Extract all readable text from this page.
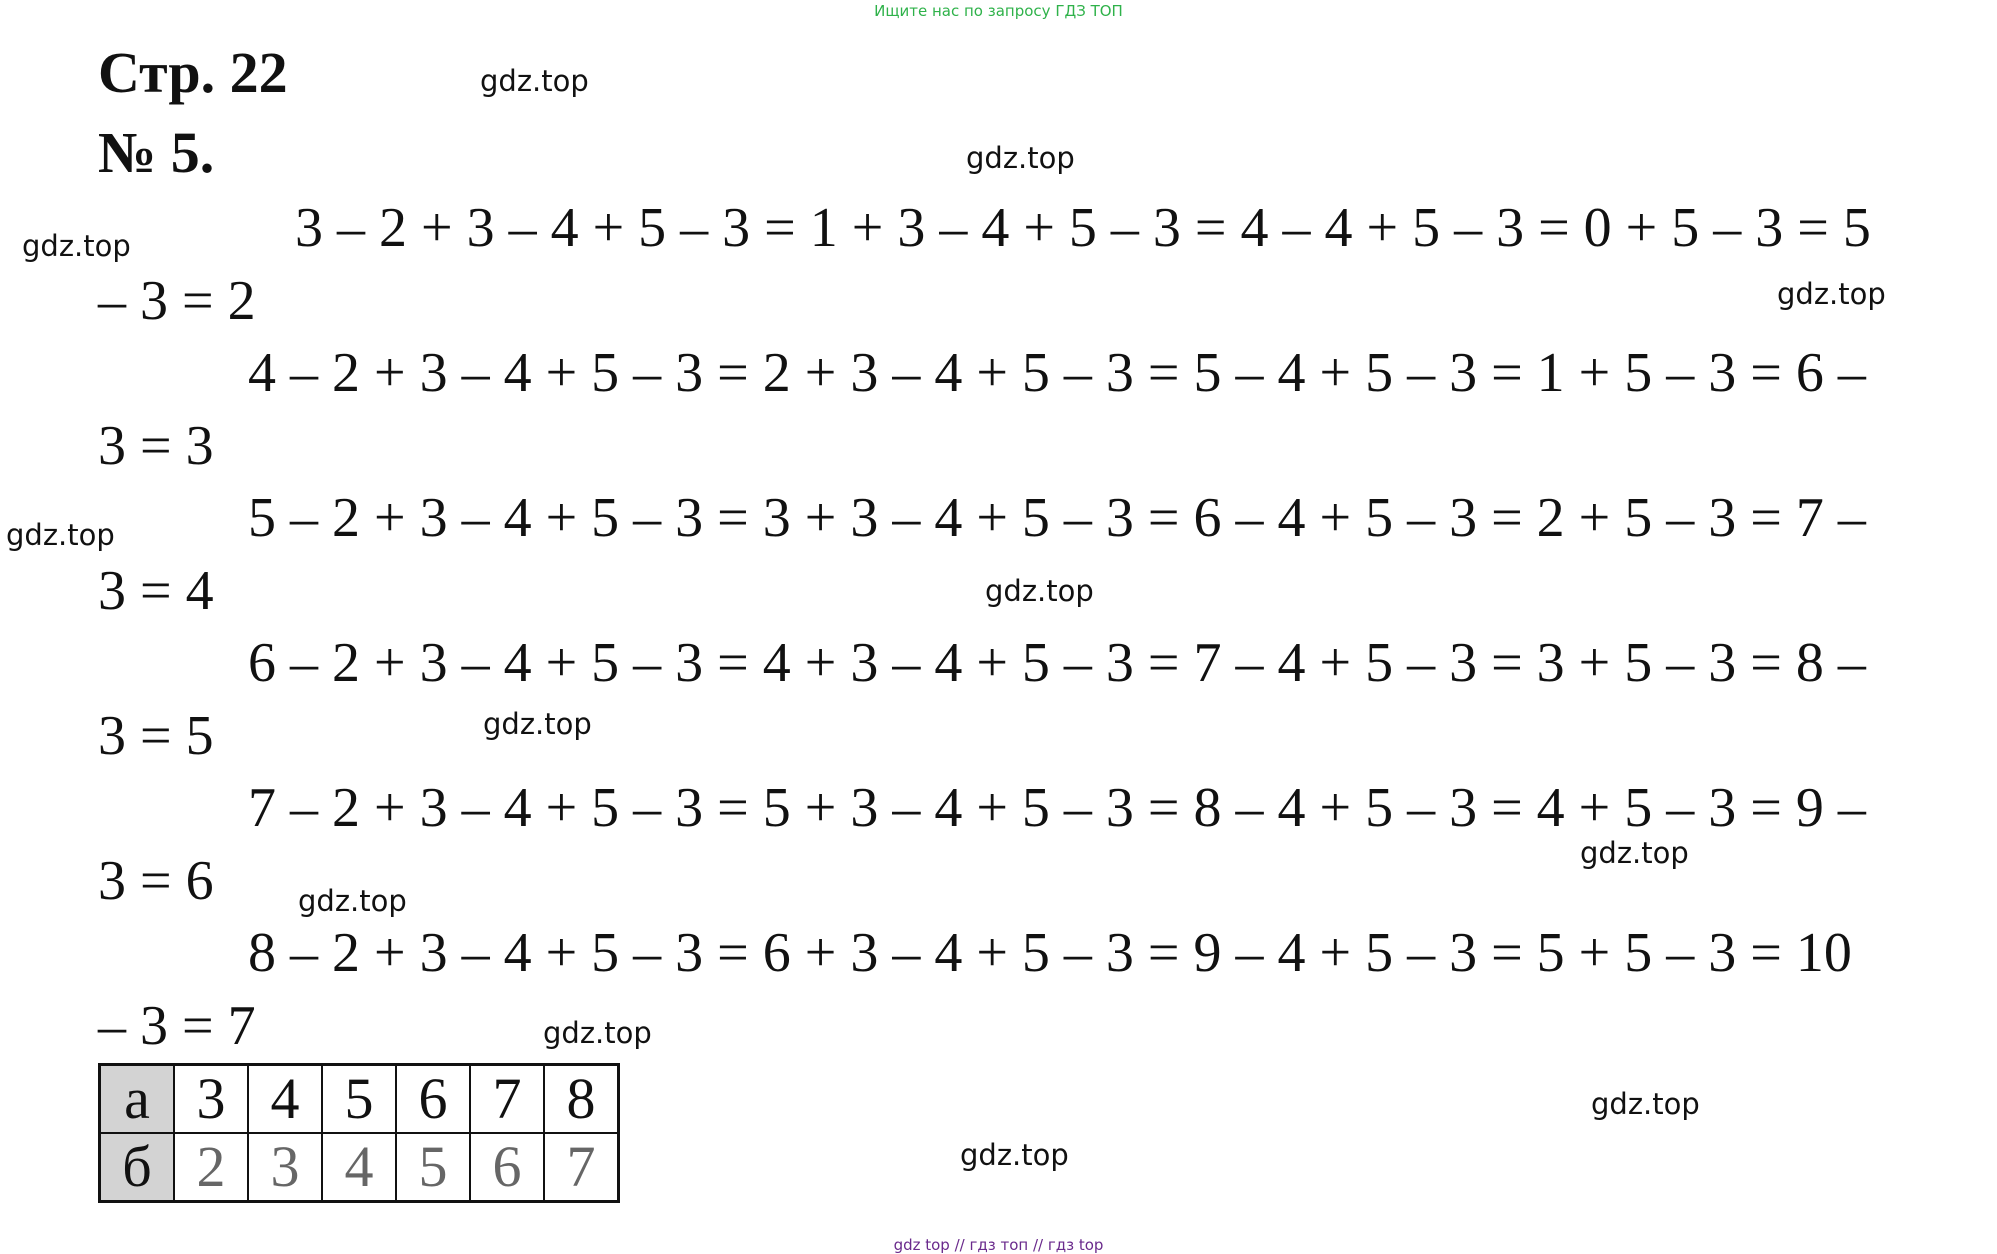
Ищите нас по запросу ГДЗ ТОП
Стр. 22
№ 5.
3 – 2 + 3 – 4 + 5 – 3 = 1 + 3 – 4 + 5 – 3 = 4 – 4 + 5 – 3 = 0 + 5 – 3 = 5
– 3 = 2
4 – 2 + 3 – 4 + 5 – 3 = 2 + 3 – 4 + 5 – 3 = 5 – 4 + 5 – 3 = 1 + 5 – 3 = 6 –
3 = 3
5 – 2 + 3 – 4 + 5 – 3 = 3 + 3 – 4 + 5 – 3 = 6 – 4 + 5 – 3 = 2 + 5 – 3 = 7 –
3 = 4
6 – 2 + 3 – 4 + 5 – 3 = 4 + 3 – 4 + 5 – 3 = 7 – 4 + 5 – 3 = 3 + 5 – 3 = 8 –
3 = 5
7 – 2 + 3 – 4 + 5 – 3 = 5 + 3 – 4 + 5 – 3 = 8 – 4 + 5 – 3 = 4 + 5 – 3 = 9 –
3 = 6
8 – 2 + 3 – 4 + 5 – 3 = 6 + 3 – 4 + 5 – 3 = 9 – 4 + 5 – 3 = 5 + 5 – 3 = 10
– 3 = 7
gdz.top
gdz.top
gdz.top
gdz.top
gdz.top
gdz.top
gdz.top
gdz.top
gdz.top
gdz.top
gdz.top
gdz.top
а	3	4	5	6	7	8
б	2	3	4	5	6	7
gdz top // гдз топ // гдз top
